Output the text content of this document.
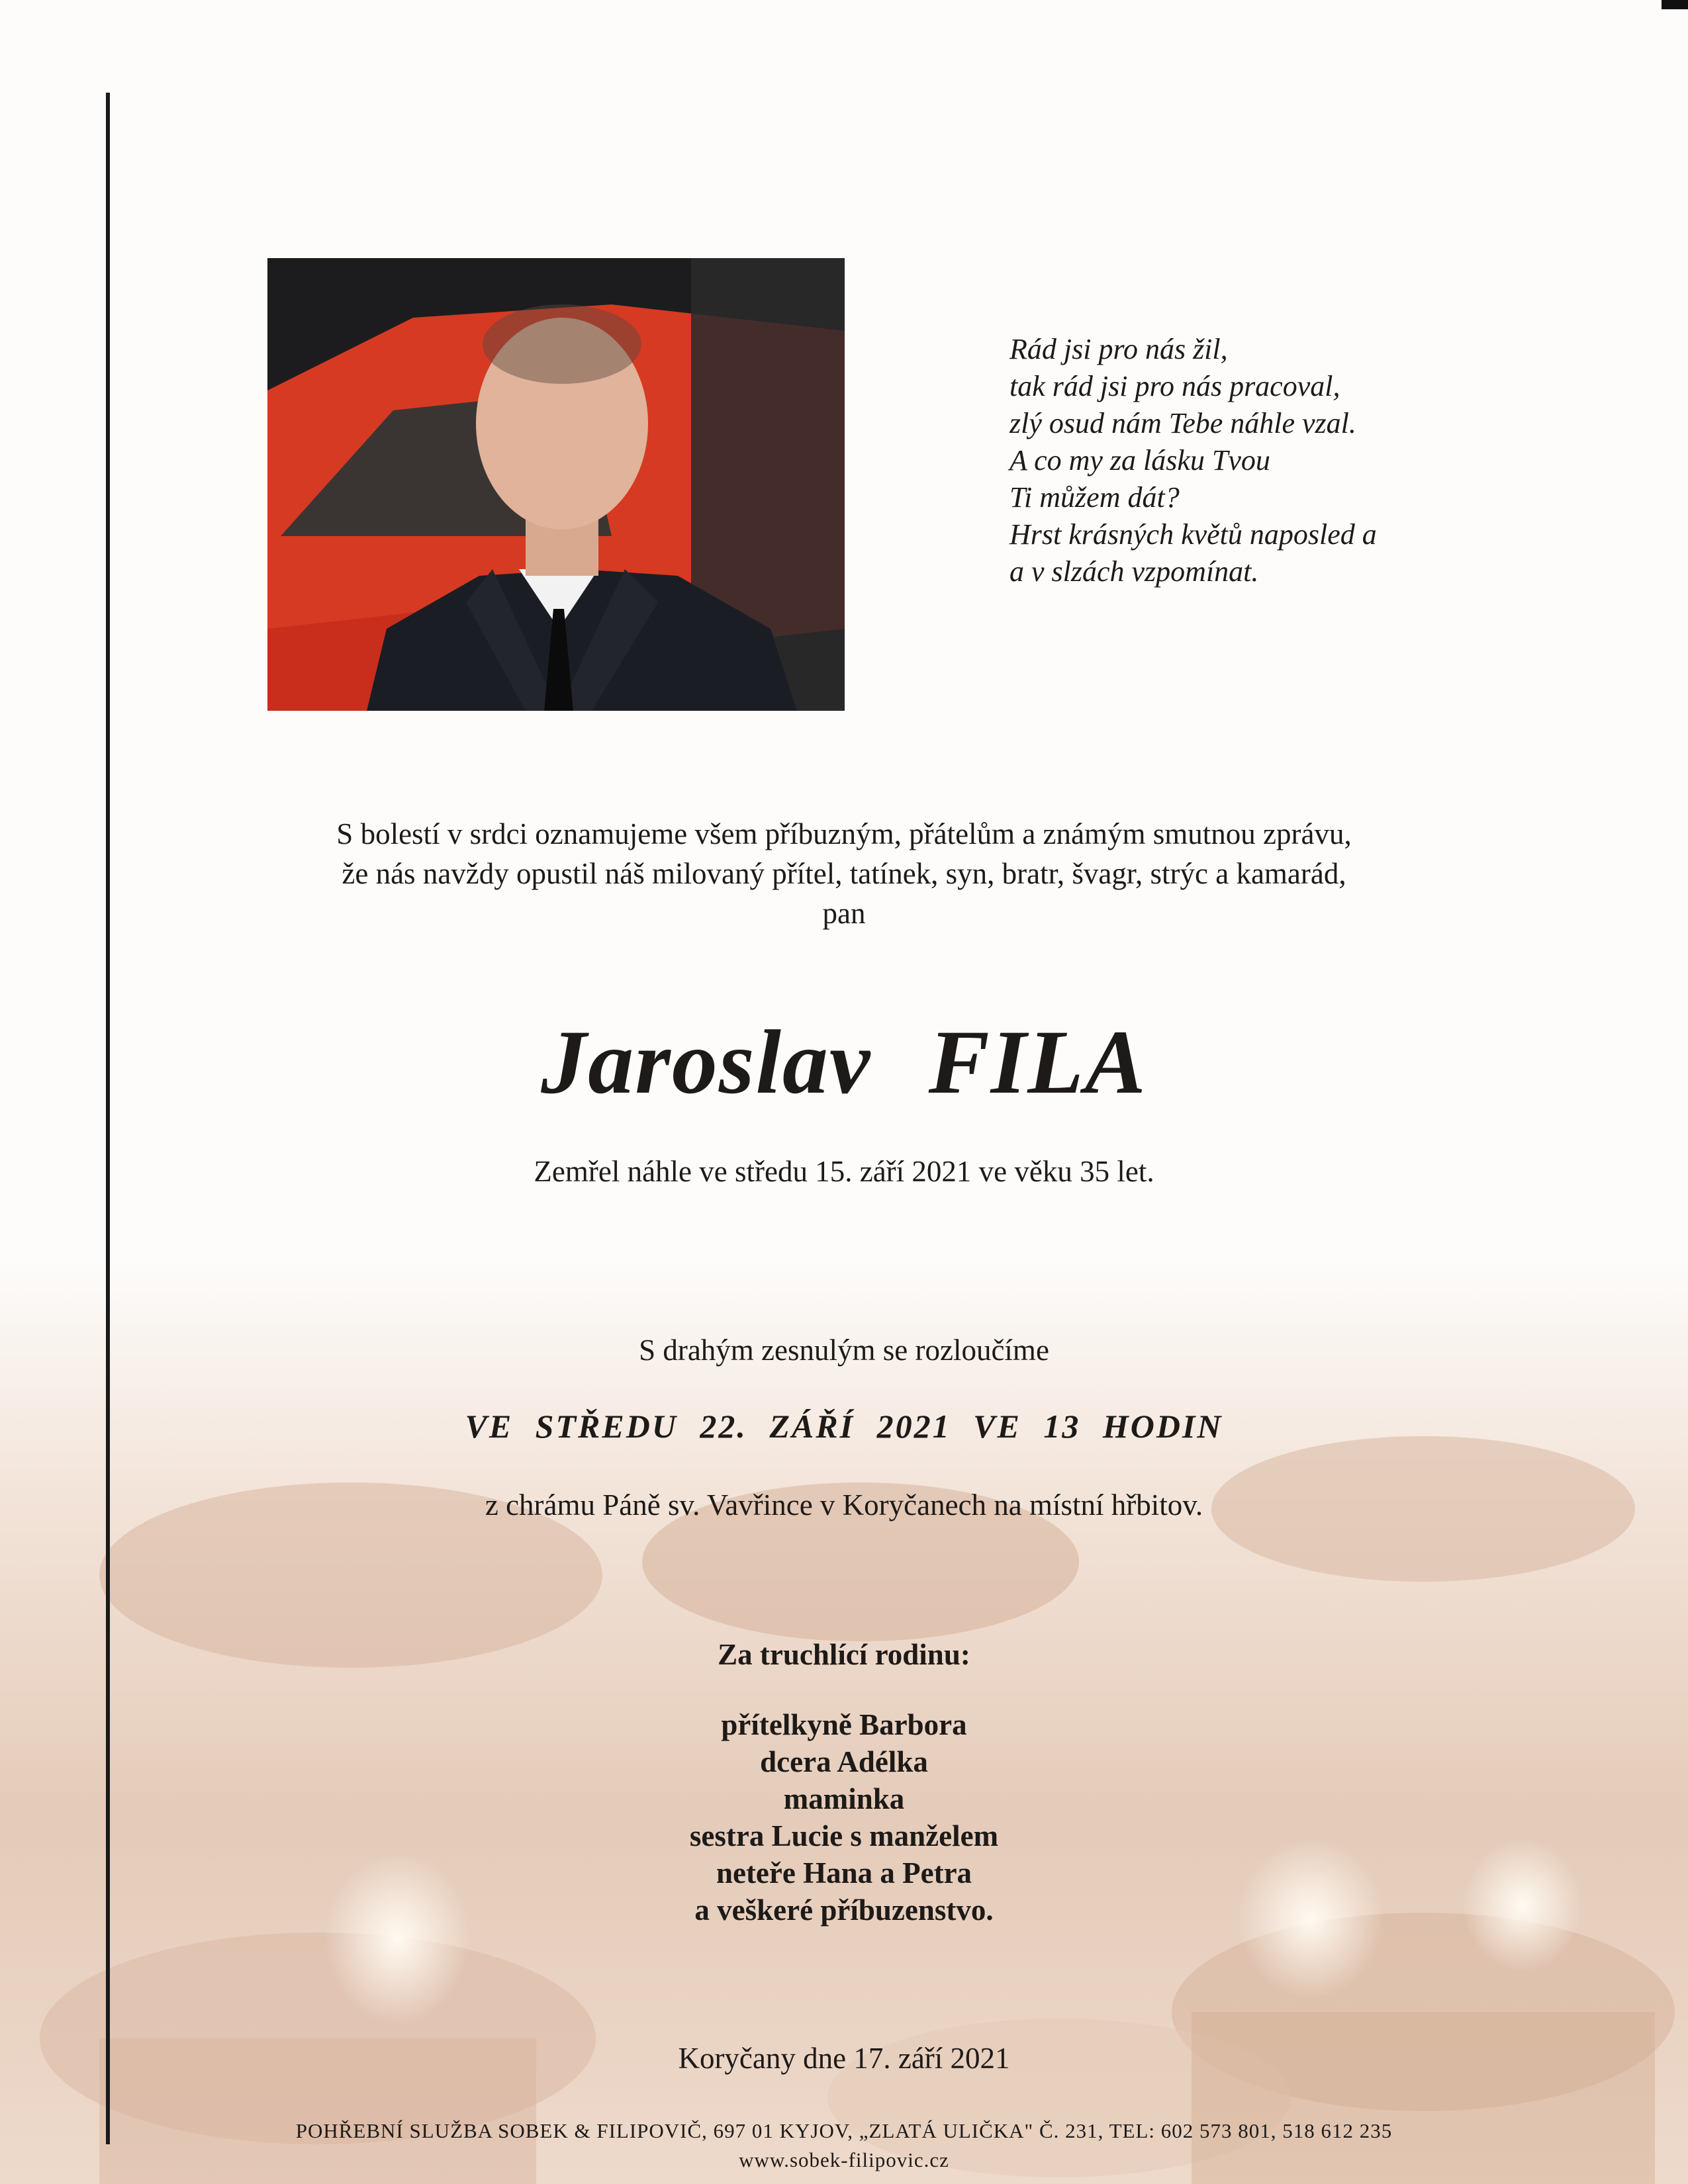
Rád jsi pro nás žil,
tak rád jsi pro nás pracoval,
zlý osud nám Tebe náhle vzal.
A co my za lásku Tvou
Ti můžem dát?
Hrst krásných květů naposled a
a v slzách vzpomínat.
S bolestí v srdci oznamujeme všem příbuzným, přátelům a známým smutnou zprávu,
že nás navždy opustil náš milovaný přítel, tatínek, syn, bratr, švagr, strýc a kamarád,
pan
Jaroslav FILA
Zemřel náhle ve středu 15. září 2021 ve věku 35 let.
S drahým zesnulým se rozloučíme
VE STŘEDU 22. ZÁŘÍ 2021 VE 13 HODIN
z chrámu Páně sv. Vavřince v Koryčanech na místní hřbitov.
Za truchlící rodinu:
přítelkyně Barbora
dcera Adélka
maminka
sestra Lucie s manželem
neteře Hana a Petra
a veškeré příbuzenstvo.
Koryčany dne 17. září 2021
POHŘEBNÍ SLUŽBA SOBEK & FILIPOVIČ, 697 01 KYJOV, „ZLATÁ ULIČKA" Č. 231, TEL: 602 573 801, 518 612 235
www.sobek-filipovic.cz
